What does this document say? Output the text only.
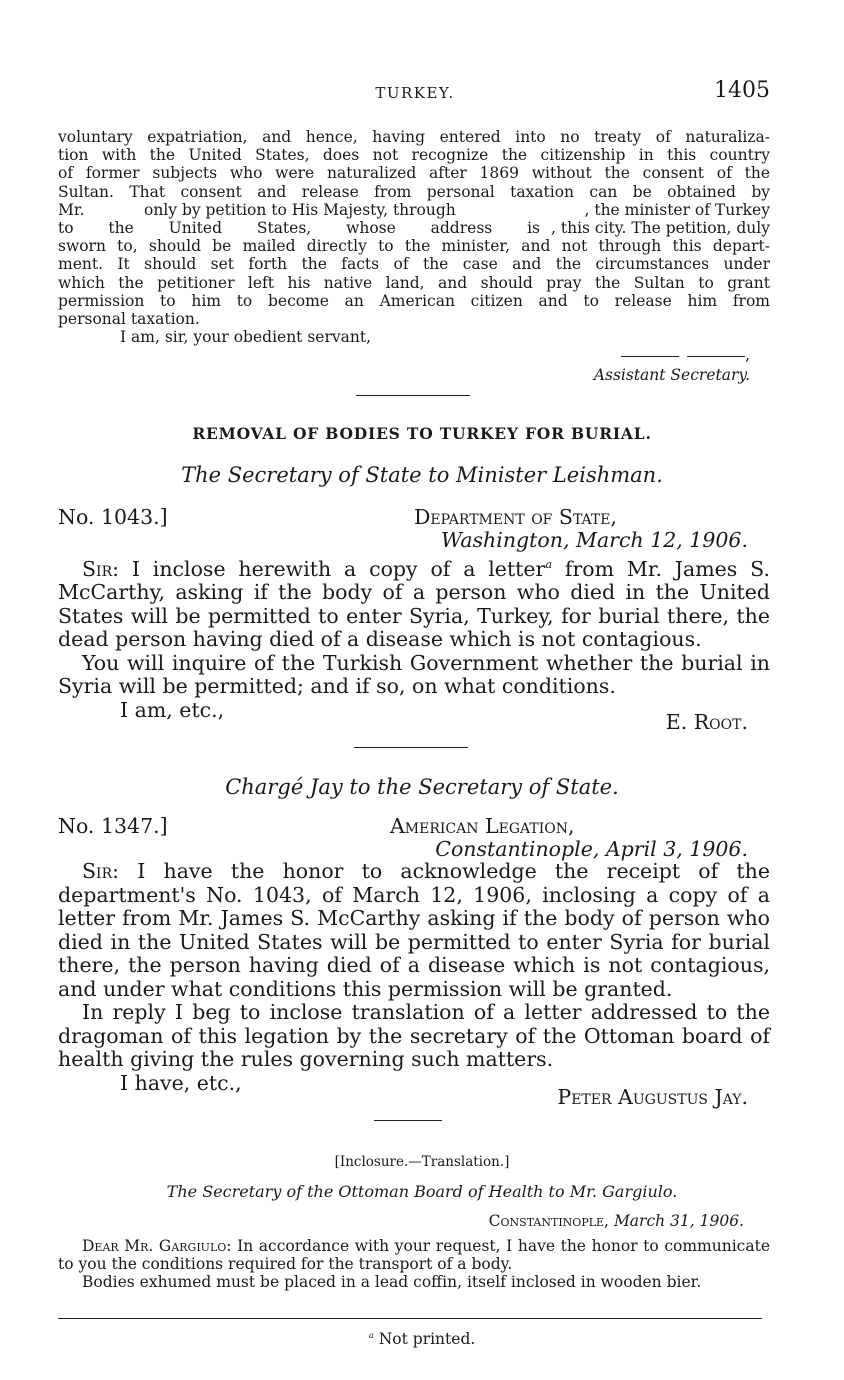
TURKEY.	1405
voluntary expatriation, and hence, having entered into no treaty of naturaliza-
tion with the United States, does not recognize the citizenship in this country
of former subjects who were naturalized after 1869 without the consent of the
Sultan. That consent and release from personal taxation can be obtained by
Mr.	only by petition to His Majesty, through	, the minister of Turkey
to the United States, whose address is , this city. The petition, duly
sworn to, should be mailed directly to the minister, and not through this depart-
ment. It should set forth the facts of the case and the circumstances under
which the petitioner left his native land, and should pray the Sultan to grant
permission to him to become an American citizen and to release him from
personal taxation.
I am, sir, your obedient servant,
,
Assistant Secretary.
REMOVAL OF BODIES TO TURKEY FOR BURIAL.
The Secretary of State to Minister Leishman.
No. 1043.]	Department of State,
Washington, March 12, 1906.

Sir: I inclose herewith a copy of a letter$^a$ from Mr. James S. McCarthy, asking if the body of a person who died in the United States will be permitted to enter Syria, Turkey, for burial there, the dead person having died of a disease which is not contagious.

You will inquire of the Turkish Government whether the burial in Syria will be permitted; and if so, on what conditions.

I am, etc.,
E. Root.
Chargé Jay to the Secretary of State.
No. 1347.]	American Legation,
Constantinople, April 3, 1906.

Sir: I have the honor to acknowledge the receipt of the department's No. 1043, of March 12, 1906, inclosing a copy of a letter from Mr. James S. McCarthy asking if the body of person who died in the United States will be permitted to enter Syria for burial there, the person having died of a disease which is not contagious, and under what conditions this permission will be granted.

In reply I beg to inclose translation of a letter addressed to the dragoman of this legation by the secretary of the Ottoman board of health giving the rules governing such matters.

I have, etc.,
Peter Augustus Jay.
[Inclosure.—Translation.]
The Secretary of the Ottoman Board of Health to Mr. Gargiulo.
Constantinople, March 31, 1906.

Dear Mr. Gargiulo: In accordance with your request, I have the honor to communicate to you the conditions required for the transport of a body.

Bodies exhumed must be placed in a lead coffin, itself inclosed in wooden bier.

$^a$ Not printed.
